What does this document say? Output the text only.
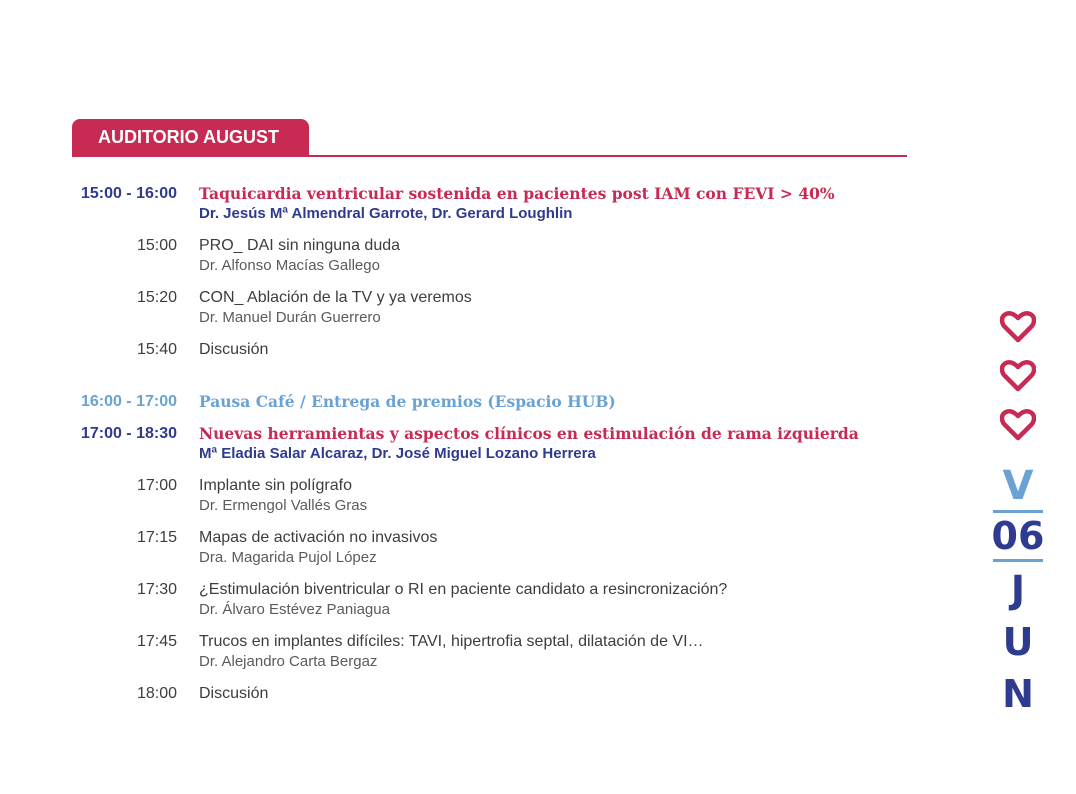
AUDITORIO AUGUST
15:00 - 16:00 Taquicardia ventricular sostenida en pacientes post IAM con FEVI > 40%
Dr. Jesús Mª Almendral Garrote, Dr. Gerard Loughlin
15:00 PRO_ DAI sin ninguna duda
Dr. Alfonso Macías Gallego
15:20 CON_ Ablación de la TV y ya veremos
Dr. Manuel Durán Guerrero
15:40 Discusión
16:00 - 17:00 Pausa Café / Entrega de premios (Espacio HUB)
17:00 - 18:30 Nuevas herramientas y aspectos clínicos en estimulación de rama izquierda
Mª Eladia Salar Alcaraz, Dr. José Miguel Lozano Herrera
17:00 Implante sin polígrafo
Dr. Ermengol Vallés Gras
17:15 Mapas de activación no invasivos
Dra. Magarida Pujol López
17:30 ¿Estimulación biventricular o RI en paciente candidato a resincronización?
Dr. Álvaro Estévez Paniagua
17:45 Trucos en implantes difíciles: TAVI, hipertrofia septal, dilatación de VI…
Dr. Alejandro Carta Bergaz
18:00 Discusión
V
06
J
U
N
